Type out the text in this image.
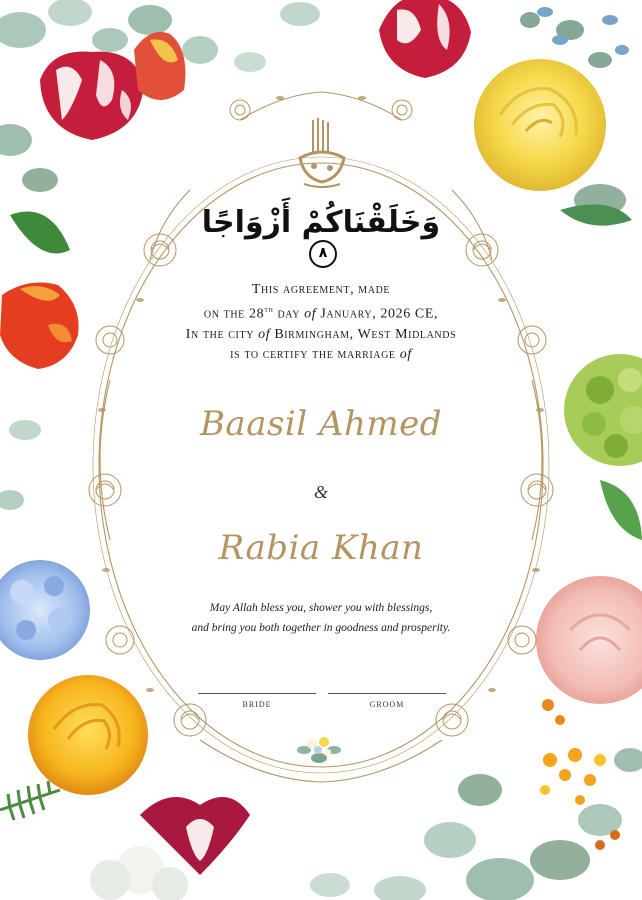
وَخَلَقْنَاكُمْ أَزْوَاجًا ٨
This agreement, made
on the 28th day of January, 2026 CE,
In the city of Birmingham, West Midlands
is to certify the marriage of
Baasil Ahmed
&
Rabia Khan
May Allah bless you, shower you with blessings,
and bring you both together in goodness and prosperity.
bride	groom
